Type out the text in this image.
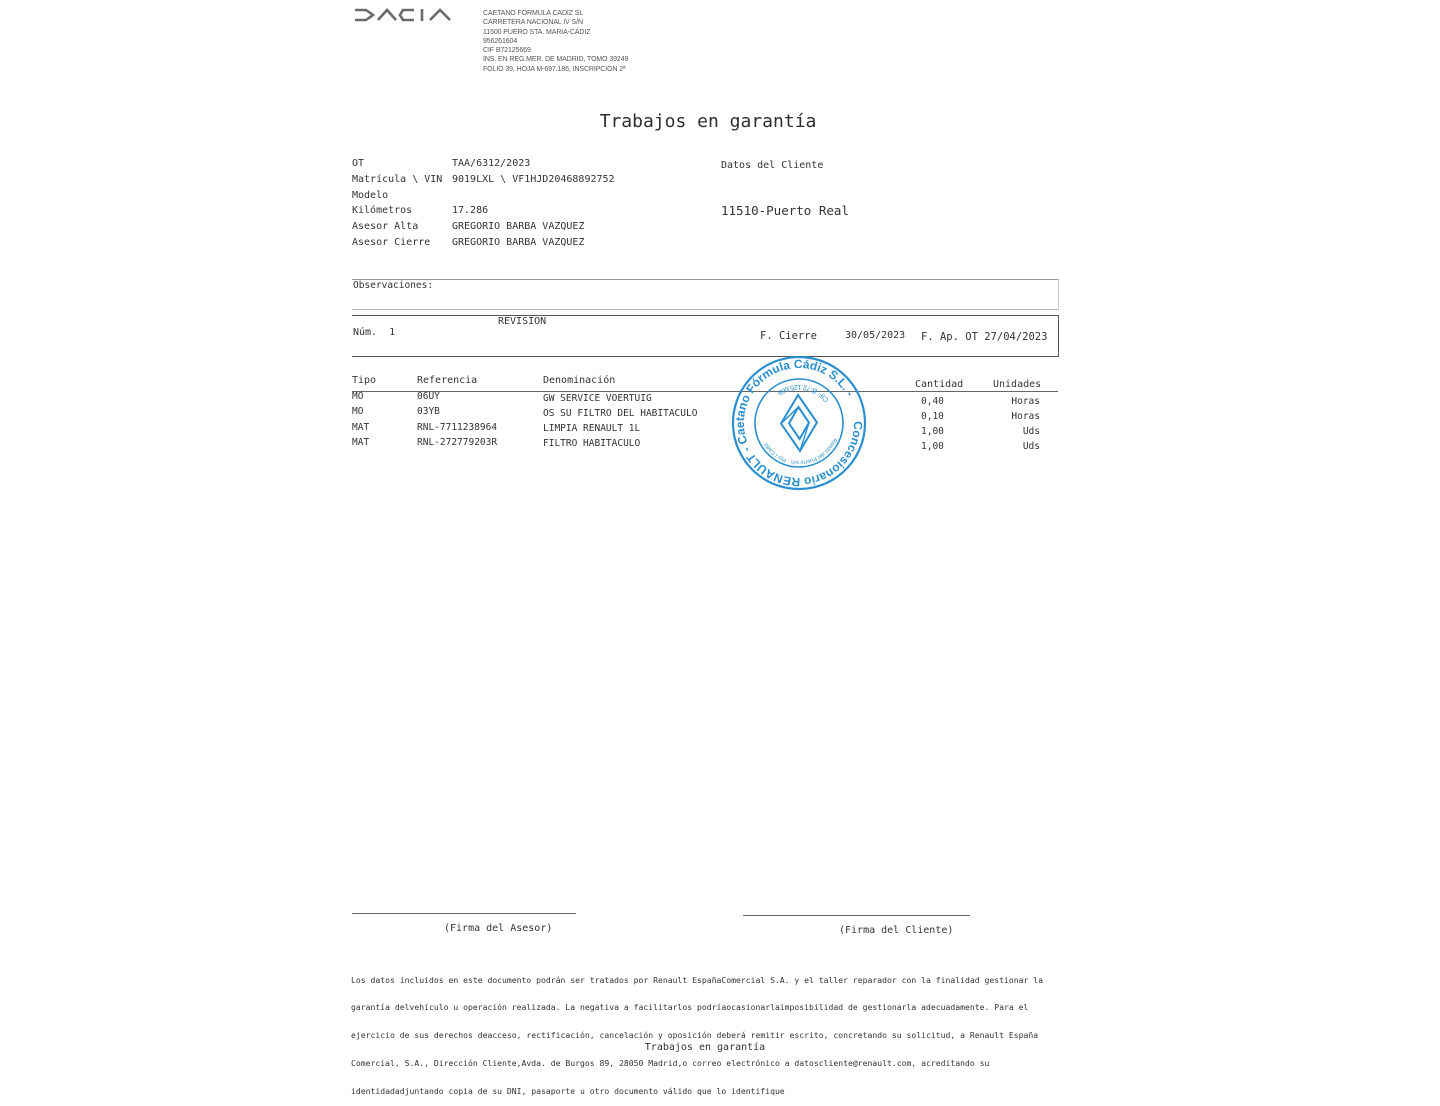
CAETANO FORMULA CADIZ SL
CARRETERA NACIONAL IV S/N
11500 PUERO STA. MARIA-CÁDIZ
956261604
CIF B72125669
INS. EN REG.MER. DE MADRID, TOMO 39249
FOLIO 39, HOJA M-697.186, INSCRIPCION 2ª
Trabajos en garantía
OT	TAA/6312/2023
Matrícula \ VIN 9019LXL \ VF1HJD20468892752
Modelo
Kilómetros	17.286
Asesor Alta	GREGORIO BARBA VAZQUEZ
Asesor Cierre	GREGORIO BARBA VAZQUEZ
Datos del Cliente
11510-Puerto Real
Observaciones:
REVISION
Núm. 1	F. Cierre	30/05/2023 F. Ap. OT 27/04/2023
Tipo	Referencia	Denominación	Cantidad	Unidades
MO	06UY	GW SERVICE VOERTUIG	0,40	Horas
MO	03YB	OS SU FILTRO DEL HABITACULO	0,10	Horas
MAT	RNL-7711238964	LIMPIA RENAULT 1L	1,00	Uds
MAT	RNL-272779203R	FILTRO HABITACULO	1,00	Uds
Concesionario RENAULT - Caetano Fórmula Cádiz S.L. -
Ronda del Puerto s/n · Pto I Cádiz
CIF: B-72.125.669
(Firma del Asesor)	(Firma del Cliente)

Los datos incluidos en este documento podrán ser tratados por Renault EspañaComercial S.A. y el taller reparador con la finalidad gestionar la

garantía delvehículo u operación realizada. La negativa a facilitarlos podríaocasionarlaimposibilidad de gestionarla adecuadamente. Para el

ejercicio de sus derechos deacceso, rectificación, cancelación y oposición deberá remitir escrito, concretando su solicitud, a Renault España

Comercial, S.A., Dirección Cliente,Avda. de Burgos 89, 28050 Madrid,o correo electrónico a datoscliente@renault.com, acreditando su

identidadadjuntando copia de su DNI, pasaporte u otro documento válido que lo identifique

Trabajos en garantía
